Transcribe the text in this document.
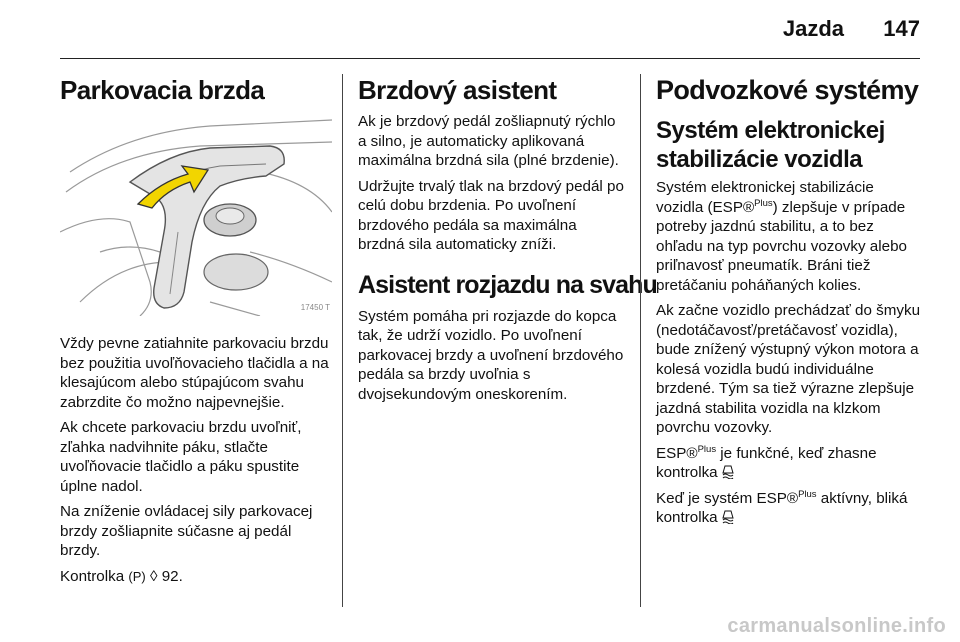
Jazda 147
Parkovacia brzda
17450 T

Vždy pevne zatiahnite parkovaciu brzdu bez použitia uvoľňovacieho tlačidla a na klesajúcom alebo stúpajúcom svahu zabrzdite čo možno najpevnejšie.

Ak chcete parkovaciu brzdu uvoľniť, zľahka nadvihnite páku, stlačte uvoľňovacie tlačidlo a páku spustite úplne nadol.

Na zníženie ovládacej sily parkovacej brzdy zošliapnite súčasne aj pedál brzdy.

Kontrolka (P) ◊ 92.

Brzdový asistent

Ak je brzdový pedál zošliapnutý rýchlo a silno, je automaticky aplikovaná maximálna brzdná sila (plné brzdenie).

Udržujte trvalý tlak na brzdový pedál po celú dobu brzdenia. Po uvoľnení brzdového pedála sa maximálna brzdná sila automaticky zníži.

Asistent rozjazdu na svahu

Systém pomáha pri rozjazde do kopca tak, že udrží vozidlo. Po uvoľnení parkovacej brzdy a uvoľnení brzdového pedála sa brzdy uvoľnia s dvojsekundovým oneskorením.

Podvozkové systémy
Systém elektronickej stabilizácie vozidla

Systém elektronickej stabilizácie vozidla (ESP®$^{Plus}$) zlepšuje v prípade potreby jazdnú stabilitu, a to bez ohľadu na typ povrchu vozovky alebo priľnavosť pneumatík. Bráni tiež pretáčaniu poháňaných kolies.

Ak začne vozidlo prechádzať do šmyku (nedotáčavosť/pretáčavosť vozidla), bude znížený výstupný výkon motora a kolesá vozidla budú individuálne brzdené. Tým sa tiež výrazne zlepšuje jazdná stabilita vozidla na klzkom povrchu vozovky.

ESP®$^{Plus}$ je funkčné, keď zhasne kontrolka

Keď je systém ESP®$^{Plus}$ aktívny, bliká kontrolka

carmanualsonline.info
